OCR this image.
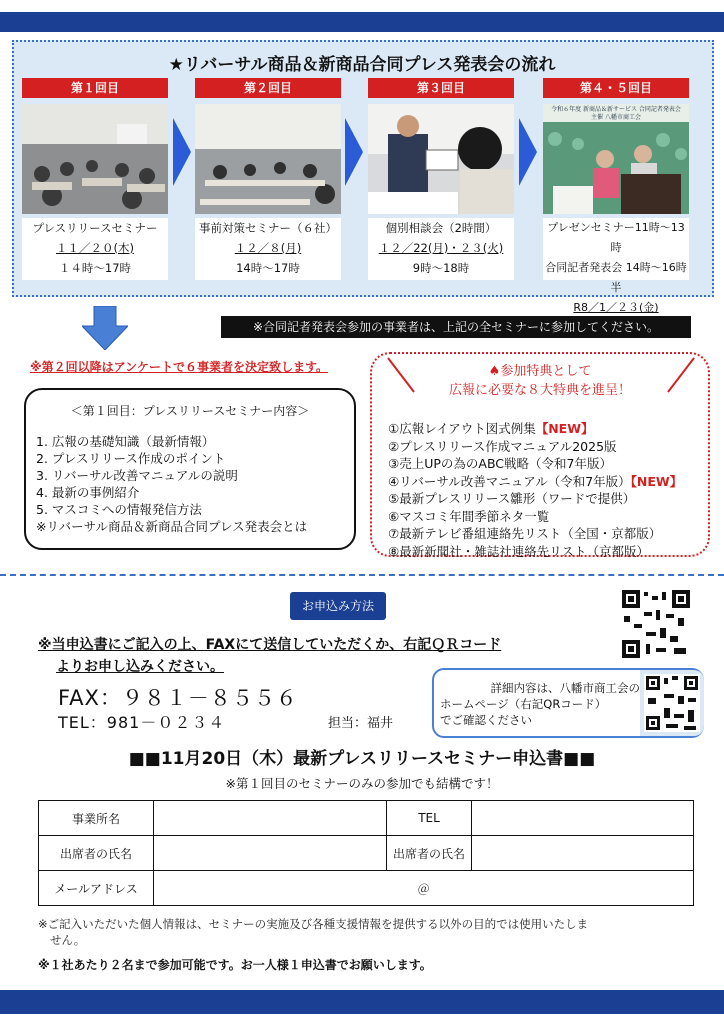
★リバーサル商品＆新商品合同プレス発表会の流れ
第１回目
プレスリリースセミナー
１１／２０(木)
１４時～17時
第２回目
事前対策セミナー（６社）
１２／８(月)
14時～17時
第３回目
個別相談会（2時間）
１２／22(月)・２３(火)
9時～18時
第４・５回目
令和６年度 新商品＆新サービス 合同記者発表会
主催 八幡市商工会
プレゼンセミナー11時～13時
合同記者発表会 14時～16時半
R8／1／２３(金)
※合同記者発表会参加の事業者は、上記の全セミナーに参加してください。
※第２回以降はアンケートで６事業者を決定致します。
＜第１回目：プレスリリースセミナー内容＞
1. 広報の基礎知識（最新情報）
2. プレスリリース作成のポイント
3. リバーサル改善マニュアルの説明
4. 最新の事例紹介
5. マスコミへの情報発信方法
※リバーサル商品＆新商品合同プレス発表会とは
♠参加特典として
広報に必要な８大特典を進呈！
①広報レイアウト図式例集【NEW】
②プレスリリース作成マニュアル2025版
③売上UPの為のABC戦略（令和7年版）
④リバーサル改善マニュアル（令和7年版）【NEW】
⑤最新プレスリリース雛形（ワードで提供）
⑥マスコミ年間季節ネタ一覧
⑦最新テレビ番組連絡先リスト（全国・京都版）
⑧最新新聞社・雑誌社連絡先リスト（京都版）
お申込み方法
※当申込書にご記入の上、FAXにて送信していただくか、右記ＱＲコード
よりお申し込みください。
FAX：９８１－８５５６
TEL：981－０２３４	担当：福井
詳細内容は、八幡市商工会の
ホームページ（右記QRコード）
でご確認ください
■■11月20日（木）最新プレスリリースセミナー申込書■■
※第１回目のセミナーのみの参加でも結構です！
事業所名		TEL	
出席者の氏名		出席者の氏名	
メールアドレス	＠		
※ご記入いただいた個人情報は、セミナーの実施及び各種支援情報を提供する以外の目的では使用いたしま
せん。
※１社あたり２名まで参加可能です。お一人様１申込書でお願いします。
